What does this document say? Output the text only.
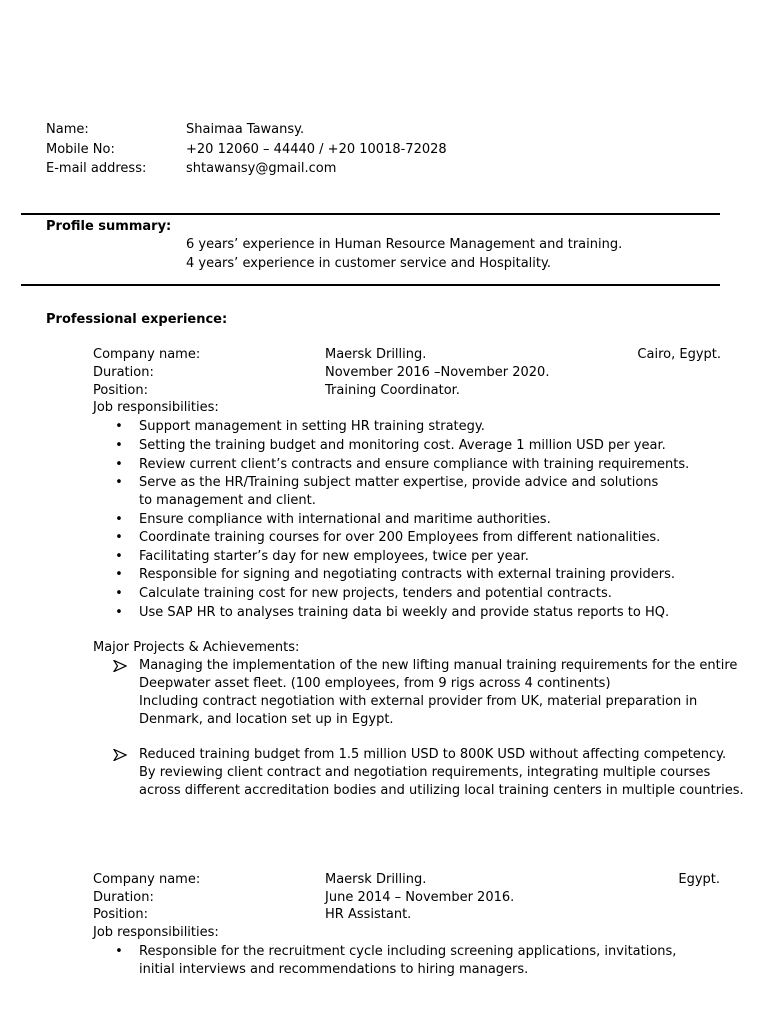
Name:	Shaimaa Tawansy.
Mobile No:	+20 12060 – 44440 / +20 10018-72028
E-mail address:	shtawansy@gmail.com
Profile summary:
6 years’ experience in Human Resource Management and training.
4 years’ experience in customer service and Hospitality.
Professional experience:
Company name:	Maersk Drilling.	Cairo, Egypt.
Duration:	November 2016 –November 2020.
Position:	Training Coordinator.
Job responsibilities:
• Support management in setting HR training strategy.
• Setting the training budget and monitoring cost. Average 1 million USD per year.
• Review current client’s contracts and ensure compliance with training requirements.
• Serve as the HR/Training subject matter expertise, provide advice and solutions to management and client.
• Ensure compliance with international and maritime authorities.
• Coordinate training courses for over 200 Employees from different nationalities.
• Facilitating starter’s day for new employees, twice per year.
• Responsible for signing and negotiating contracts with external training providers.
• Calculate training cost for new projects, tenders and potential contracts.
• Use SAP HR to analyses training data bi weekly and provide status reports to HQ.
Major Projects & Achievements:
Managing the implementation of the new lifting manual training requirements for the entire
Deepwater asset fleet. (100 employees, from 9 rigs across 4 continents)
Including contract negotiation with external provider from UK, material preparation in
Denmark, and location set up in Egypt.
Reduced training budget from 1.5 million USD to 800K USD without affecting competency.
By reviewing client contract and negotiation requirements, integrating multiple courses
across different accreditation bodies and utilizing local training centers in multiple countries.
Company name:	Maersk Drilling.	Egypt.
Duration:	June 2014 – November 2016.
Position:	HR Assistant.
Job responsibilities:
• Responsible for the recruitment cycle including screening applications, invitations, initial interviews and recommendations to hiring managers.
